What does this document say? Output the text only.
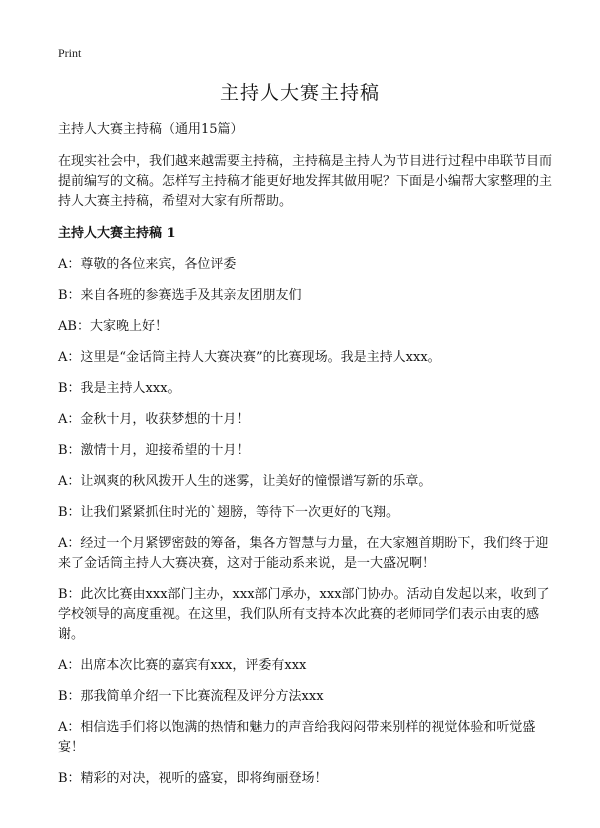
Print
主持人大赛主持稿

主持人大赛主持稿（通用15篇）

在现实社会中，我们越来越需要主持稿，主持稿是主持人为节目进行过程中串联节目而提前编写的文稿。怎样写主持稿才能更好地发挥其做用呢？下面是小编帮大家整理的主持人大赛主持稿，希望对大家有所帮助。

主持人大赛主持稿 1

A：尊敬的各位来宾，各位评委

B：来自各班的参赛选手及其亲友团朋友们

AB：大家晚上好！

A：这里是“金话筒主持人大赛决赛”的比赛现场。我是主持人xxx。

B：我是主持人xxx。

A：金秋十月，收获梦想的十月！

B：激情十月，迎接希望的十月！

A：让飒爽的秋风拨开人生的迷雾，让美好的憧憬谱写新的乐章。

B：让我们紧紧抓住时光的`翅膀，等待下一次更好的飞翔。

A：经过一个月紧锣密鼓的筹备，集各方智慧与力量，在大家翘首期盼下，我们终于迎来了金话筒主持人大赛决赛，这对于能动系来说，是一大盛况啊！

B：此次比赛由xxx部门主办，xxx部门承办，xxx部门协办。活动自发起以来，收到了学校领导的高度重视。在这里，我们队所有支持本次此赛的老师同学们表示由衷的感谢。

A：出席本次比赛的嘉宾有xxx，评委有xxx

B：那我简单介绍一下比赛流程及评分方法xxx

A：相信选手们将以饱满的热情和魅力的声音给我闷闷带来别样的视觉体验和听觉盛宴！

B：精彩的对决，视听的盛宴，即将绚丽登场！
